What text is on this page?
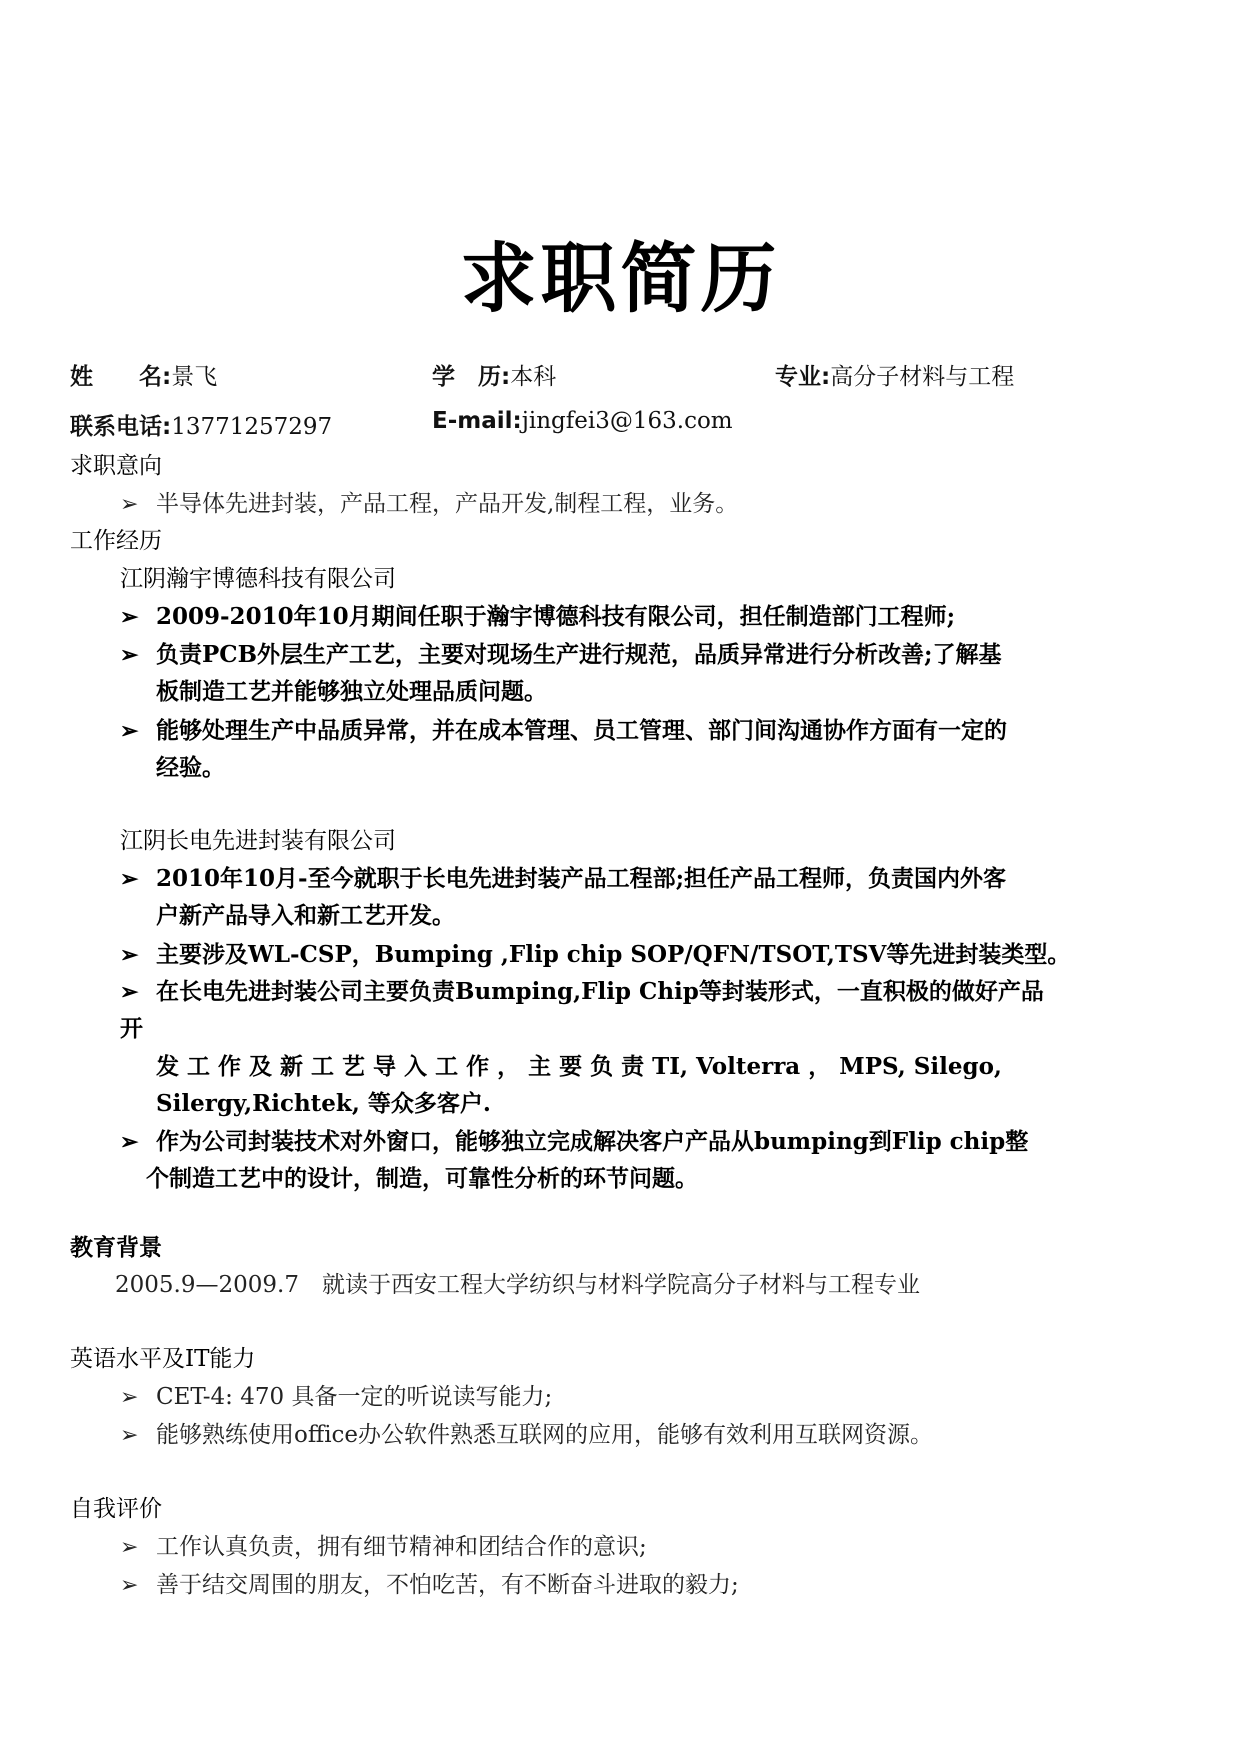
求职简历
姓　　名:景飞	学　历:本科	专业:高分子材料与工程
联系电话:13771257297	E-mail:jingfei3@163.com
求职意向
➢ 半导体先进封装，产品工程，产品开发,制程工程，业务。
工作经历
江阴瀚宇博德科技有限公司
➢ 2009-2010年10月期间任职于瀚宇博德科技有限公司，担任制造部门工程师;
➢ 负责PCB外层生产工艺，主要对现场生产进行规范，品质异常进行分析改善;了解基
板制造工艺并能够独立处理品质问题。
➢ 能够处理生产中品质异常，并在成本管理、员工管理、部门间沟通协作方面有一定的
经验。
江阴长电先进封装有限公司
➢ 2010年10月-至今就职于长电先进封装产品工程部;担任产品工程师，负责国内外客
户新产品导入和新工艺开发。
➢ 主要涉及WL-CSP，Bumping ,Flip chip SOP/QFN/TSOT,TSV等先进封装类型。
➢ 在长电先进封装公司主要负责Bumping,Flip Chip等封装形式，一直积极的做好产品
开
发 工 作 及 新 工 艺 导 入 工 作 ， 主 要 负 责 TI, Volterra ， MPS, Silego,
Silergy,Richtek, 等众多客户.
➢ 作为公司封装技术对外窗口，能够独立完成解决客户产品从bumping到Flip chip整
个制造工艺中的设计，制造，可靠性分析的环节问题。
教育背景
2005.9—2009.7　就读于西安工程大学纺织与材料学院高分子材料与工程专业
英语水平及IT能力
➢ CET-4: 470 具备一定的听说读写能力;
➢ 能够熟练使用office办公软件熟悉互联网的应用，能够有效利用互联网资源。
自我评价
➢ 工作认真负责，拥有细节精神和团结合作的意识;
➢ 善于结交周围的朋友，不怕吃苦，有不断奋斗进取的毅力;
